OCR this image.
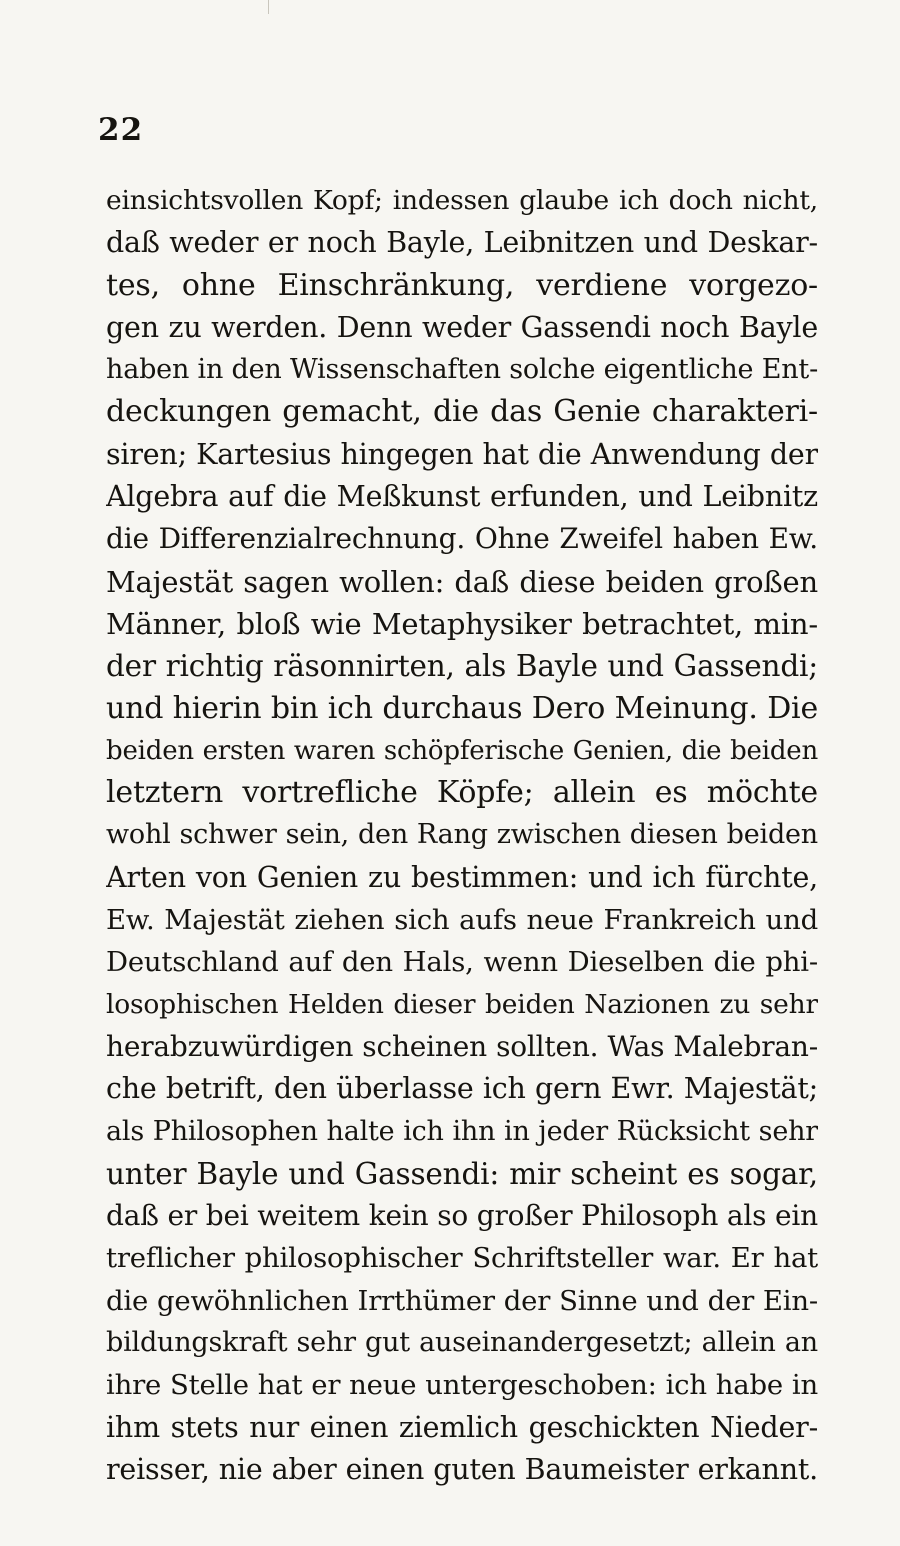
22
einsichtsvollen Kopf; indessen glaube ich doch nicht,
daß weder er noch Bayle, Leibnitzen und Deskar-
tes, ohne Einschränkung, verdiene vorgezo-
gen zu werden. Denn weder Gassendi noch Bayle
haben in den Wissenschaften solche eigentliche Ent-
deckungen gemacht, die das Genie charakteri-
siren; Kartesius hingegen hat die Anwendung der
Algebra auf die Meßkunst erfunden, und Leibnitz
die Differenzialrechnung. Ohne Zweifel haben Ew.
Majestät sagen wollen: daß diese beiden großen
Männer, bloß wie Metaphysiker betrachtet, min-
der richtig räsonnirten, als Bayle und Gassendi;
und hierin bin ich durchaus Dero Meinung. Die
beiden ersten waren schöpferische Genien, die beiden
letztern vortrefliche Köpfe; allein es möchte
wohl schwer sein, den Rang zwischen diesen beiden
Arten von Genien zu bestimmen: und ich fürchte,
Ew. Majestät ziehen sich aufs neue Frankreich und
Deutschland auf den Hals, wenn Dieselben die phi-
losophischen Helden dieser beiden Nazionen zu sehr
herabzuwürdigen scheinen sollten. Was Malebran-
che betrift, den überlasse ich gern Ewr. Majestät;
als Philosophen halte ich ihn in jeder Rücksicht sehr
unter Bayle und Gassendi: mir scheint es sogar,
daß er bei weitem kein so großer Philosoph als ein
treflicher philosophischer Schriftsteller war. Er hat
die gewöhnlichen Irrthümer der Sinne und der Ein-
bildungskraft sehr gut auseinandergesetzt; allein an
ihre Stelle hat er neue untergeschoben: ich habe in
ihm stets nur einen ziemlich geschickten Nieder-
reisser, nie aber einen guten Baumeister erkannt.
